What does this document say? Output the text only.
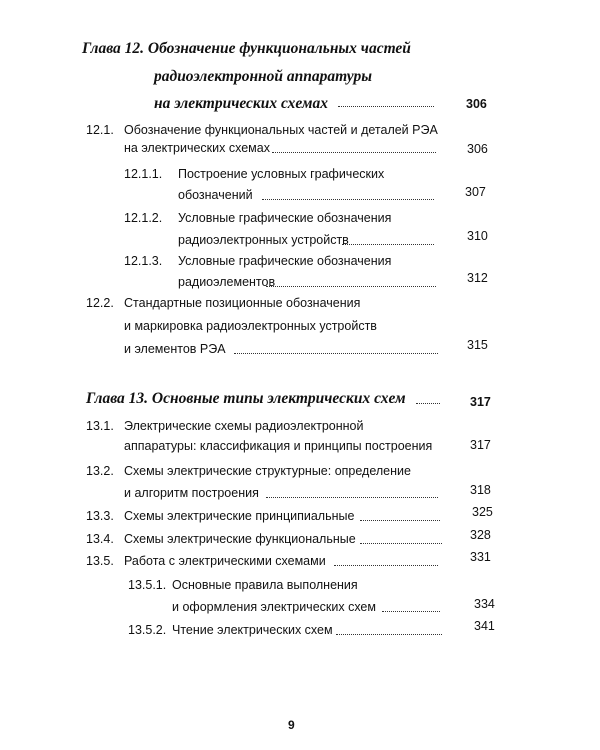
Глава 12. Обозначение функциональных частей
радиоэлектронной аппаратуры
на электрических схемах	306
12.1. Обозначение функциональных частей и деталей РЭА
на электрических схемах	306
12.1.1. Построение условных графических
обозначений	307
12.1.2. Условные графические обозначения
радиоэлектронных устройств	310
12.1.3. Условные графические обозначения
радиоэлементов	312
12.2. Стандартные позиционные обозначения
и маркировка радиоэлектронных устройств
и элементов РЭА	315
Глава 13. Основные типы электрических схем	317
13.1. Электрические схемы радиоэлектронной
аппаратуры: классификация и принципы построения	317
13.2. Схемы электрические структурные: определение
и алгоритм построения	318
13.3. Схемы электрические принципиальные	325
13.4. Схемы электрические функциональные	328
13.5. Работа с электрическими схемами	331
13.5.1. Основные правила выполнения
и оформления электрических схем	334
13.5.2. Чтение электрических схем	341
9
